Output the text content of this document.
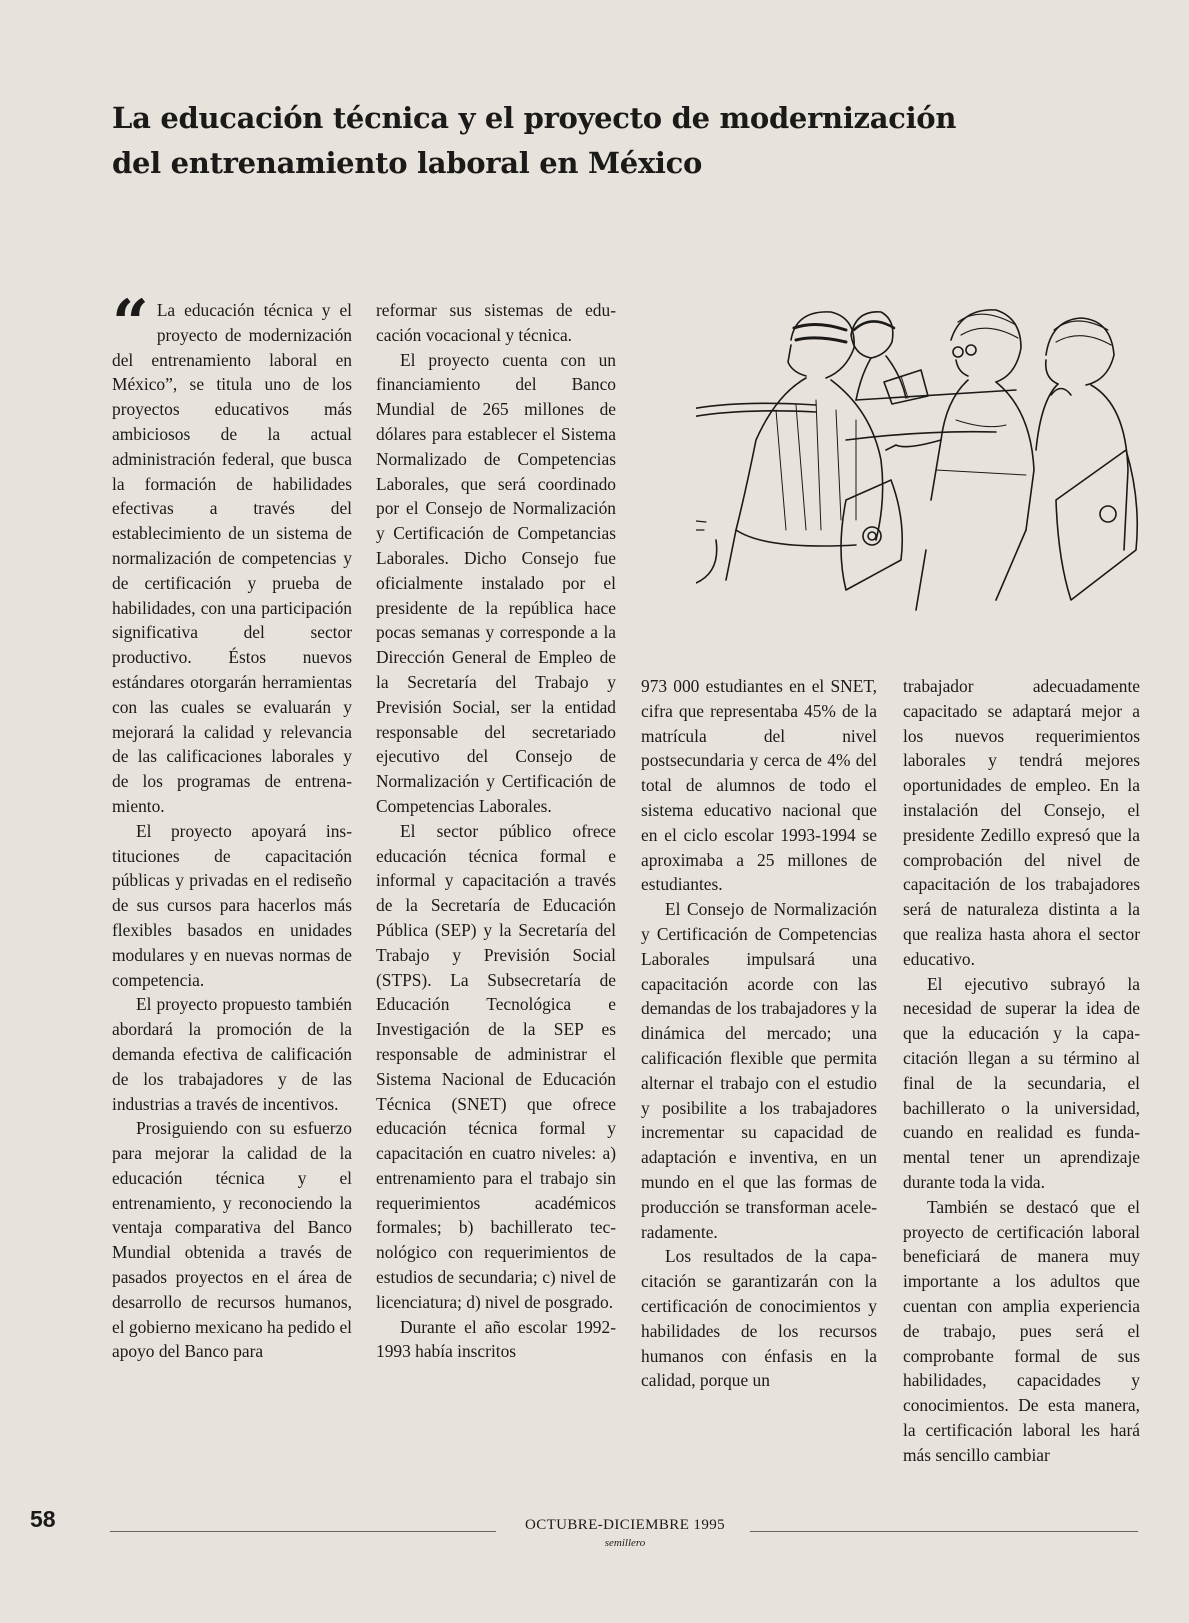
La educación técnica y el proyecto de modernización del entrenamiento laboral en México

“ La educación técnica y el proyecto de modernización del entrenamiento laboral en México”, se titula uno de los proyectos educativos más ambiciosos de la actual administración federal, que busca la formación de habilidades efectivas a través del establecimiento de un sistema de normalización de competencias y de certificación y prueba de habilidades, con una participación significativa del sector productivo. Éstos nuevos estándares otorgarán herramientas con las cuales se evaluarán y mejorará la calidad y relevancia de las calificaciones laborales y de los programas de entrenamiento.

El proyecto apoyará instituciones de capacitación públicas y privadas en el rediseño de sus cursos para hacerlos más flexibles basados en unidades modulares y en nuevas normas de competencia.

El proyecto propuesto también abordará la promoción de la demanda efectiva de calificación de los trabajadores y de las industrias a través de incentivos.

Prosiguiendo con su esfuerzo para mejorar la calidad de la educación técnica y el entrenamiento, y reconociendo la ventaja comparativa del Banco Mundial obtenida a través de pasados proyectos en el área de desarrollo de recursos humanos, el gobierno mexicano ha pedido el apoyo del Banco para

reformar sus sistemas de educación vocacional y técnica.

El proyecto cuenta con un financiamiento del Banco Mundial de 265 millones de dólares para establecer el Sistema Normalizado de Competencias Laborales, que será coordinado por el Consejo de Normalización y Certificación de Competancias Laborales. Dicho Consejo fue oficialmente instalado por el presidente de la república hace pocas semanas y corresponde a la Dirección General de Empleo de la Secretaría del Trabajo y Previsión Social, ser la entidad responsable del secretariado ejecutivo del Consejo de Normalización y Certificación de Competencias Laborales.

El sector público ofrece educación técnica formal e informal y capacitación a través de la Secretaría de Educación Pública (SEP) y la Secretaría del Trabajo y Previsión Social (STPS). La Subsecretaría de Educación Tecnológica e Investigación de la SEP es responsable de administrar el Sistema Nacional de Educación Técnica (SNET) que ofrece educación técnica formal y capacitación en cuatro niveles: a) entrenamiento para el trabajo sin requerimientos académicos formales; b) bachillerato tecnológico con requerimientos de estudios de secundaria; c) nivel de licenciatura; d) nivel de posgrado.

Durante el año escolar 1992-1993 había inscritos

973 000 estudiantes en el SNET, cifra que representaba 45% de la matrícula del nivel postsecundaria y cerca de 4% del total de alumnos de todo el sistema educativo nacional que en el ciclo escolar 1993-1994 se aproximaba a 25 millones de estudiantes.

El Consejo de Normalización y Certificación de Competencias Laborales impulsará una capacitación acorde con las demandas de los trabajadores y la dinámica del mercado; una calificación flexible que permita alternar el trabajo con el estudio y posibilite a los trabajadores incrementar su capacidad de adaptación e inventiva, en un mundo en el que las formas de producción se transforman aceleradamente.

Los resultados de la capacitación se garantizarán con la certificación de conocimientos y habilidades de los recursos humanos con énfasis en la calidad, porque un

trabajador adecuadamente capacitado se adaptará mejor a los nuevos requerimientos laborales y tendrá mejores oportunidades de empleo. En la instalación del Consejo, el presidente Zedillo expresó que la comprobación del nivel de capacitación de los trabajadores será de naturaleza distinta a la que realiza hasta ahora el sector educativo.

El ejecutivo subrayó la necesidad de superar la idea de que la educación y la capacitación llegan a su término al final de la secundaria, el bachillerato o la universidad, cuando en realidad es fundamental tener un aprendizaje durante toda la vida.

También se destacó que el proyecto de certificación laboral beneficiará de manera muy importante a los adultos que cuentan con amplia experiencia de trabajo, pues será el comprobante formal de sus habilidades, capacidades y conocimientos. De esta manera, la certificación laboral les hará más sencillo cambiar

58	OCTUBRE-DICIEMBRE 1995
semillero
